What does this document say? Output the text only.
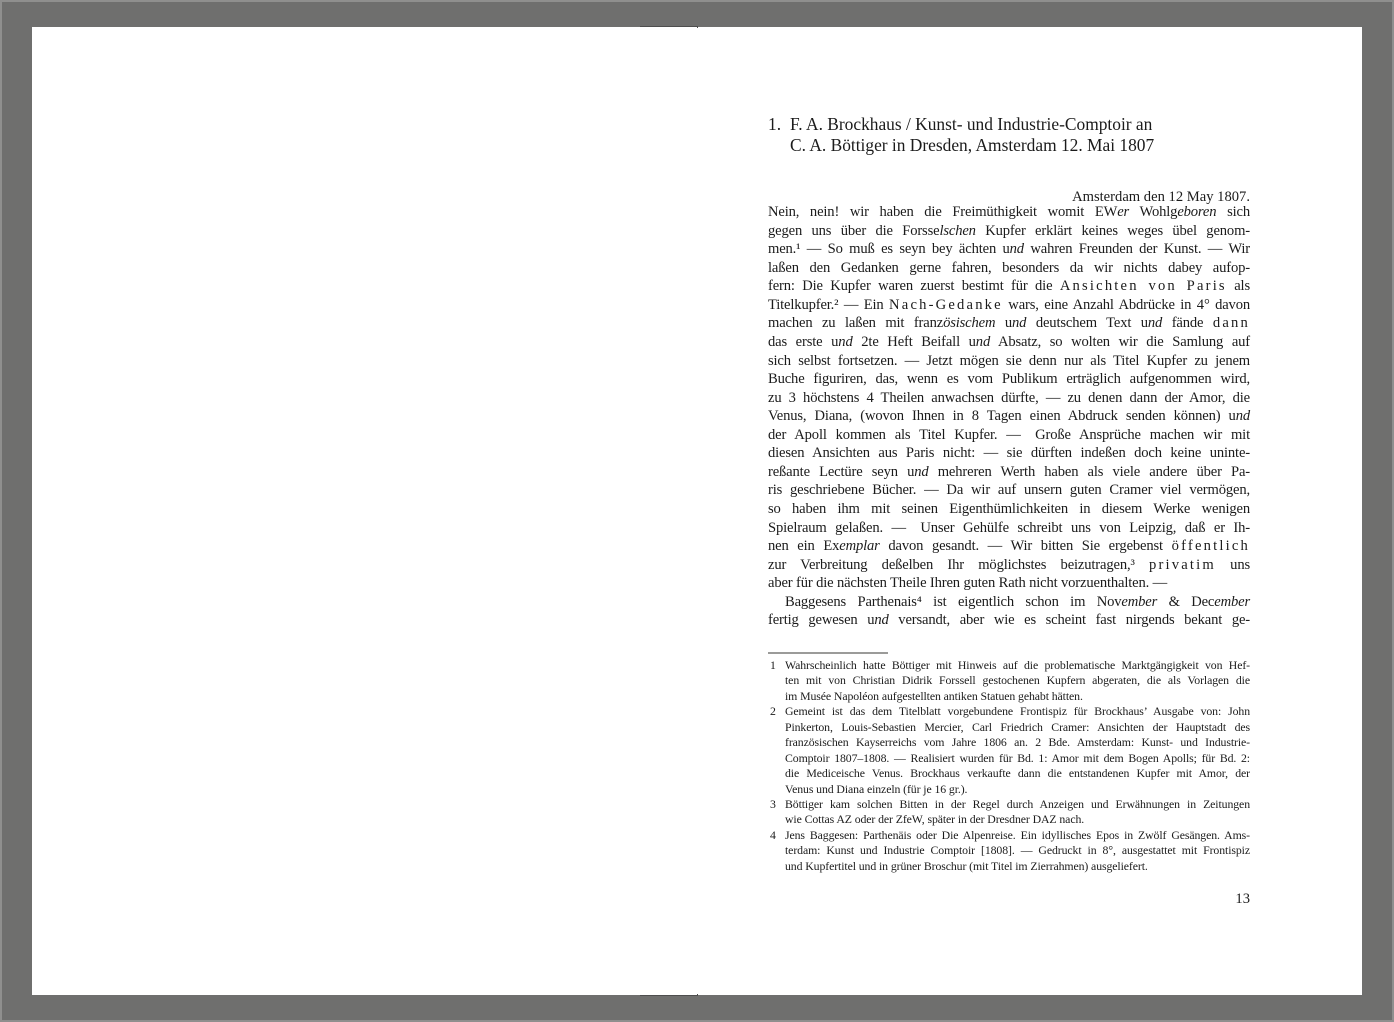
1. F. A. Brockhaus / Kunst- und Industrie-Comptoir an
C. A. Böttiger in Dresden, Amsterdam 12. Mai 1807
Amsterdam den 12 May 1807.
Nein, nein! wir haben die Freimüthigkeit womit EWer Wohlgeboren sich
gegen uns über die Forsselschen Kupfer erklärt keines weges übel genom-
men.¹ — So muß es seyn bey ächten und wahren Freunden der Kunst. — Wir
laßen den Gedanken gerne fahren, besonders da wir nichts dabey aufop-
fern: Die Kupfer waren zuerst bestimt für die Ansichten von Paris als
Titelkupfer.² — Ein Nach-Gedanke wars, eine Anzahl Abdrücke in 4° davon
machen zu laßen mit französischem und deutschem Text und fände dann
das erste und 2te Heft Beifall und Absatz, so wolten wir die Samlung auf
sich selbst fortsetzen. — Jetzt mögen sie denn nur als Titel Kupfer zu jenem
Buche figuriren, das, wenn es vom Publikum erträglich aufgenommen wird,
zu 3 höchstens 4 Theilen anwachsen dürfte, — zu denen dann der Amor, die
Venus, Diana, (wovon Ihnen in 8 Tagen einen Abdruck senden können) und
der Apoll kommen als Titel Kupfer. — Große Ansprüche machen wir mit
diesen Ansichten aus Paris nicht: — sie dürften indeßen doch keine uninte-
reßante Lectüre seyn und mehreren Werth haben als viele andere über Pa-
ris geschriebene Bücher. — Da wir auf unsern guten Cramer viel vermögen,
so haben ihm mit seinen Eigenthümlichkeiten in diesem Werke wenigen
Spielraum gelaßen. — Unser Gehülfe schreibt uns von Leipzig, daß er Ih-
nen ein Exemplar davon gesandt. — Wir bitten Sie ergebenst öffentlich
zur Verbreitung deßelben Ihr möglichstes beizutragen,³ privatim uns
aber für die nächsten Theile Ihren guten Rath nicht vorzuenthalten. —
Baggesens Parthenais⁴ ist eigentlich schon im November & December
fertig gewesen und versandt, aber wie es scheint fast nirgends bekant ge-
1 Wahrscheinlich hatte Böttiger mit Hinweis auf die problematische Marktgängigkeit von Hef-
ten mit von Christian Didrik Forssell gestochenen Kupfern abgeraten, die als Vorlagen die
im Musée Napoléon aufgestellten antiken Statuen gehabt hätten.
2 Gemeint ist das dem Titelblatt vorgebundene Frontispiz für Brockhaus’ Ausgabe von: John
Pinkerton, Louis-Sebastien Mercier, Carl Friedrich Cramer: Ansichten der Hauptstadt des
französischen Kayserreichs vom Jahre 1806 an. 2 Bde. Amsterdam: Kunst- und Industrie-
Comptoir 1807–1808. — Realisiert wurden für Bd. 1: Amor mit dem Bogen Apolls; für Bd. 2:
die Mediceische Venus. Brockhaus verkaufte dann die entstandenen Kupfer mit Amor, der
Venus und Diana einzeln (für je 16 gr.).
3 Böttiger kam solchen Bitten in der Regel durch Anzeigen und Erwähnungen in Zeitungen
wie Cottas AZ oder der ZfeW, später in der Dresdner DAZ nach.
4 Jens Baggesen: Parthenäis oder Die Alpenreise. Ein idyllisches Epos in Zwölf Gesängen. Ams-
terdam: Kunst und Industrie Comptoir [1808]. — Gedruckt in 8°, ausgestattet mit Frontispiz
und Kupfertitel und in grüner Broschur (mit Titel im Zierrahmen) ausgeliefert.
13
